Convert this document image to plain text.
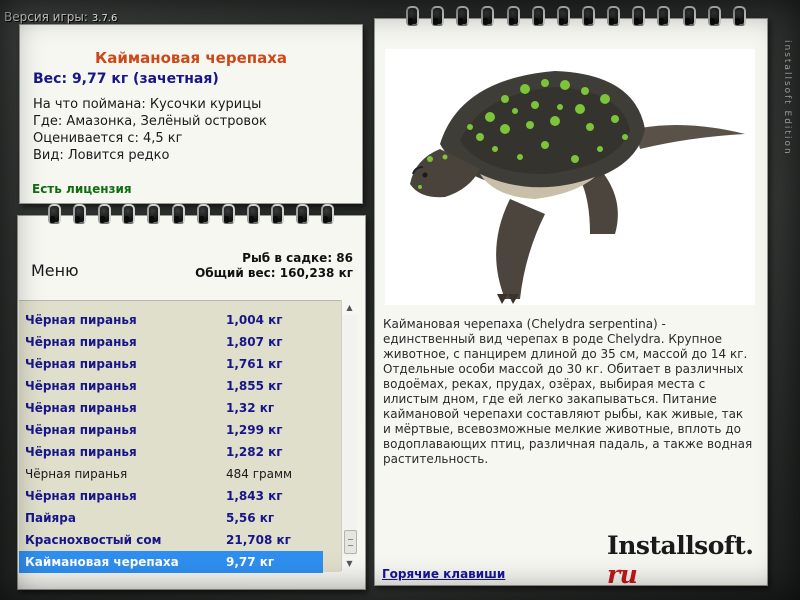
Версия игры: 3.7.6
Каймановая черепаха
Вес: 9,77 кг (зачетная)
На что поймана: Кусочки курицы
Где: Амазонка, Зелёный островок
Оценивается с: 4,5 кг
Вид: Ловится редко
Есть лицензия
Меню
Рыб в садке: 86
Общий вес: 160,238 кг
Чёрная пиранья	1,004 кг
Чёрная пиранья	1,807 кг
Чёрная пиранья	1,761 кг
Чёрная пиранья	1,855 кг
Чёрная пиранья	1,32 кг
Чёрная пиранья	1,299 кг
Чёрная пиранья	1,282 кг
Чёрная пиранья	484 грамм
Чёрная пиранья	1,843 кг
Пайяра	5,56 кг
Краснохвостый сом	21,708 кг
Каймановая черепаха	9,77 кг
▲
▼
Каймановая черепаха (Chelydra serpentina) - единственный вид черепах в роде Chelydra. Крупное животное, с панцирем длиной до 35 см, массой до 14 кг. Отдельные особи массой до 30 кг. Обитает в различных водоёмах, реках, прудах, озёрах, выбирая места с илистым дном, где ей легко закапываться. Питание каймановой черепахи составляют рыбы, как живые, так и мёртвые, всевозможные мелкие животные, вплоть до водоплавающих птиц, различная падаль, а также водная растительность.
Installsoft. ru
Горячие клавиши
installsoft Edition
